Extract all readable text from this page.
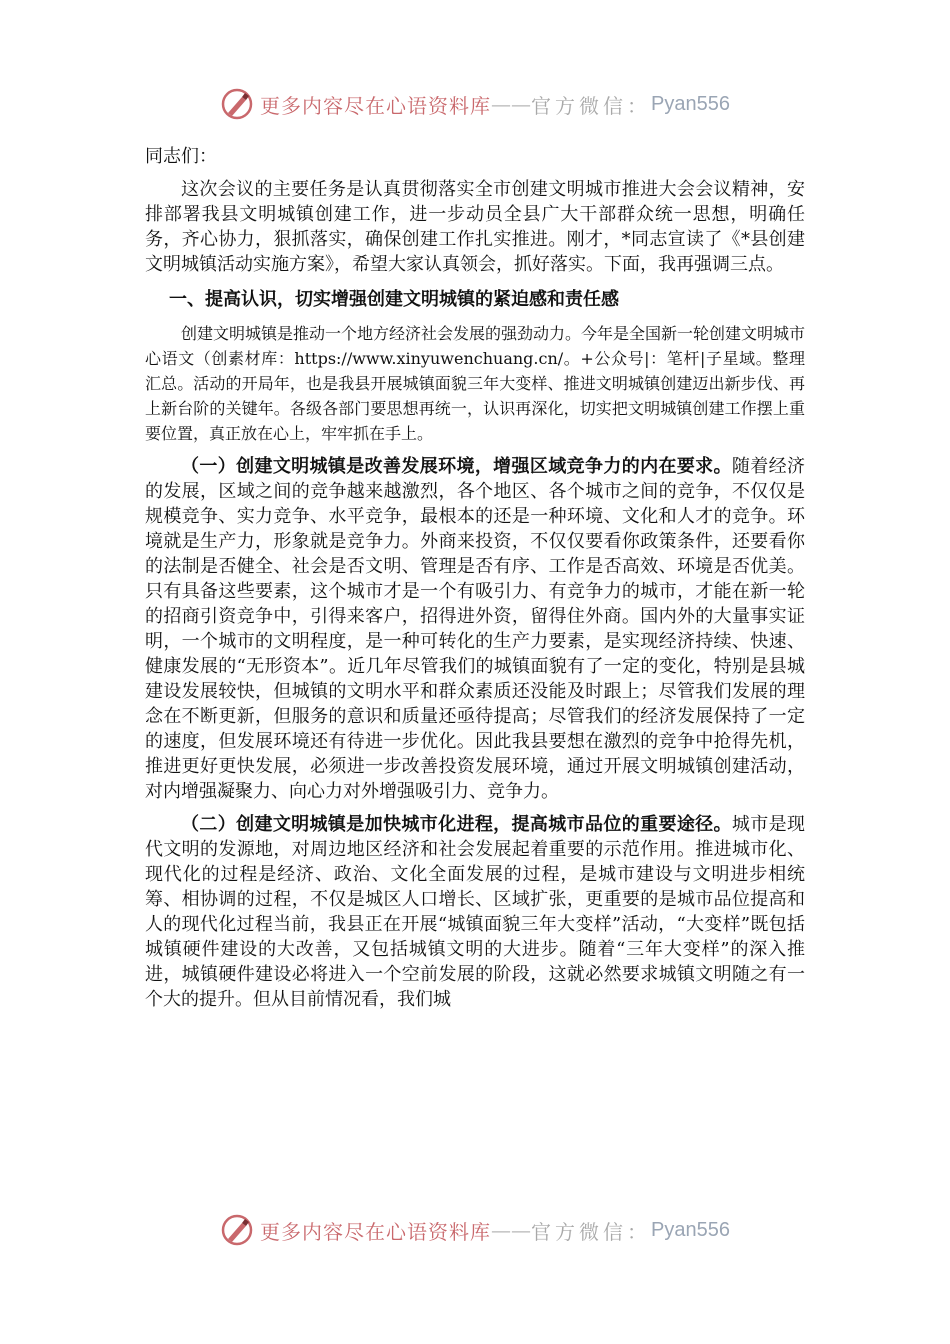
更多内容尽在心语资料库 —— 官方微信： Pyan556

同志们：

这次会议的主要任务是认真贯彻落实全市创建文明城市推进大会会议精神，安排部署我县文明城镇创建工作，进一步动员全县广大干部群众统一思想，明确任务，齐心协力，狠抓落实，确保创建工作扎实推进。刚才，*同志宣读了《*县创建文明城镇活动实施方案》，希望大家认真领会，抓好落实。下面，我再强调三点。

一、提高认识，切实增强创建文明城镇的紧迫感和责任感

创建文明城镇是推动一个地方经济社会发展的强劲动力。今年是全国新一轮创建文明城市心语文（创素材库：https://www.xinyuwenchuang.cn/。+公众号|：笔杆|子星域。整理汇总。活动的开局年，也是我县开展城镇面貌三年大变样、推进文明城镇创建迈出新步伐、再上新台阶的关键年。各级各部门要思想再统一，认识再深化，切实把文明城镇创建工作摆上重要位置，真正放在心上，牢牢抓在手上。

（一）创建文明城镇是改善发展环境，增强区域竞争力的内在要求。随着经济的发展，区域之间的竞争越来越激烈，各个地区、各个城市之间的竞争，不仅仅是规模竞争、实力竞争、水平竞争，最根本的还是一种环境、文化和人才的竞争。环境就是生产力，形象就是竞争力。外商来投资，不仅仅要看你政策条件，还要看你的法制是否健全、社会是否文明、管理是否有序、工作是否高效、环境是否优美。只有具备这些要素，这个城市才是一个有吸引力、有竞争力的城市，才能在新一轮的招商引资竞争中，引得来客户，招得进外资，留得住外商。国内外的大量事实证明，一个城市的文明程度，是一种可转化的生产力要素，是实现经济持续、快速、健康发展的“无形资本”。近几年尽管我们的城镇面貌有了一定的变化，特别是县城建设发展较快，但城镇的文明水平和群众素质还没能及时跟上；尽管我们发展的理念在不断更新，但服务的意识和质量还亟待提高；尽管我们的经济发展保持了一定的速度，但发展环境还有待进一步优化。因此我县要想在激烈的竞争中抢得先机，推进更好更快发展，必须进一步改善投资发展环境，通过开展文明城镇创建活动，对内增强凝聚力、向心力对外增强吸引力、竞争力。

（二）创建文明城镇是加快城市化进程，提高城市品位的重要途径。城市是现代文明的发源地，对周边地区经济和社会发展起着重要的示范作用。推进城市化、现代化的过程是经济、政治、文化全面发展的过程，是城市建设与文明进步相统筹、相协调的过程，不仅是城区人口增长、区域扩张，更重要的是城市品位提高和人的现代化过程当前，我县正在开展“城镇面貌三年大变样”活动，“大变样”既包括城镇硬件建设的大改善，又包括城镇文明的大进步。随着“三年大变样”的深入推进，城镇硬件建设必将进入一个空前发展的阶段，这就必然要求城镇文明随之有一个大的提升。但从目前情况看，我们城

更多内容尽在心语资料库 —— 官方微信： Pyan556
